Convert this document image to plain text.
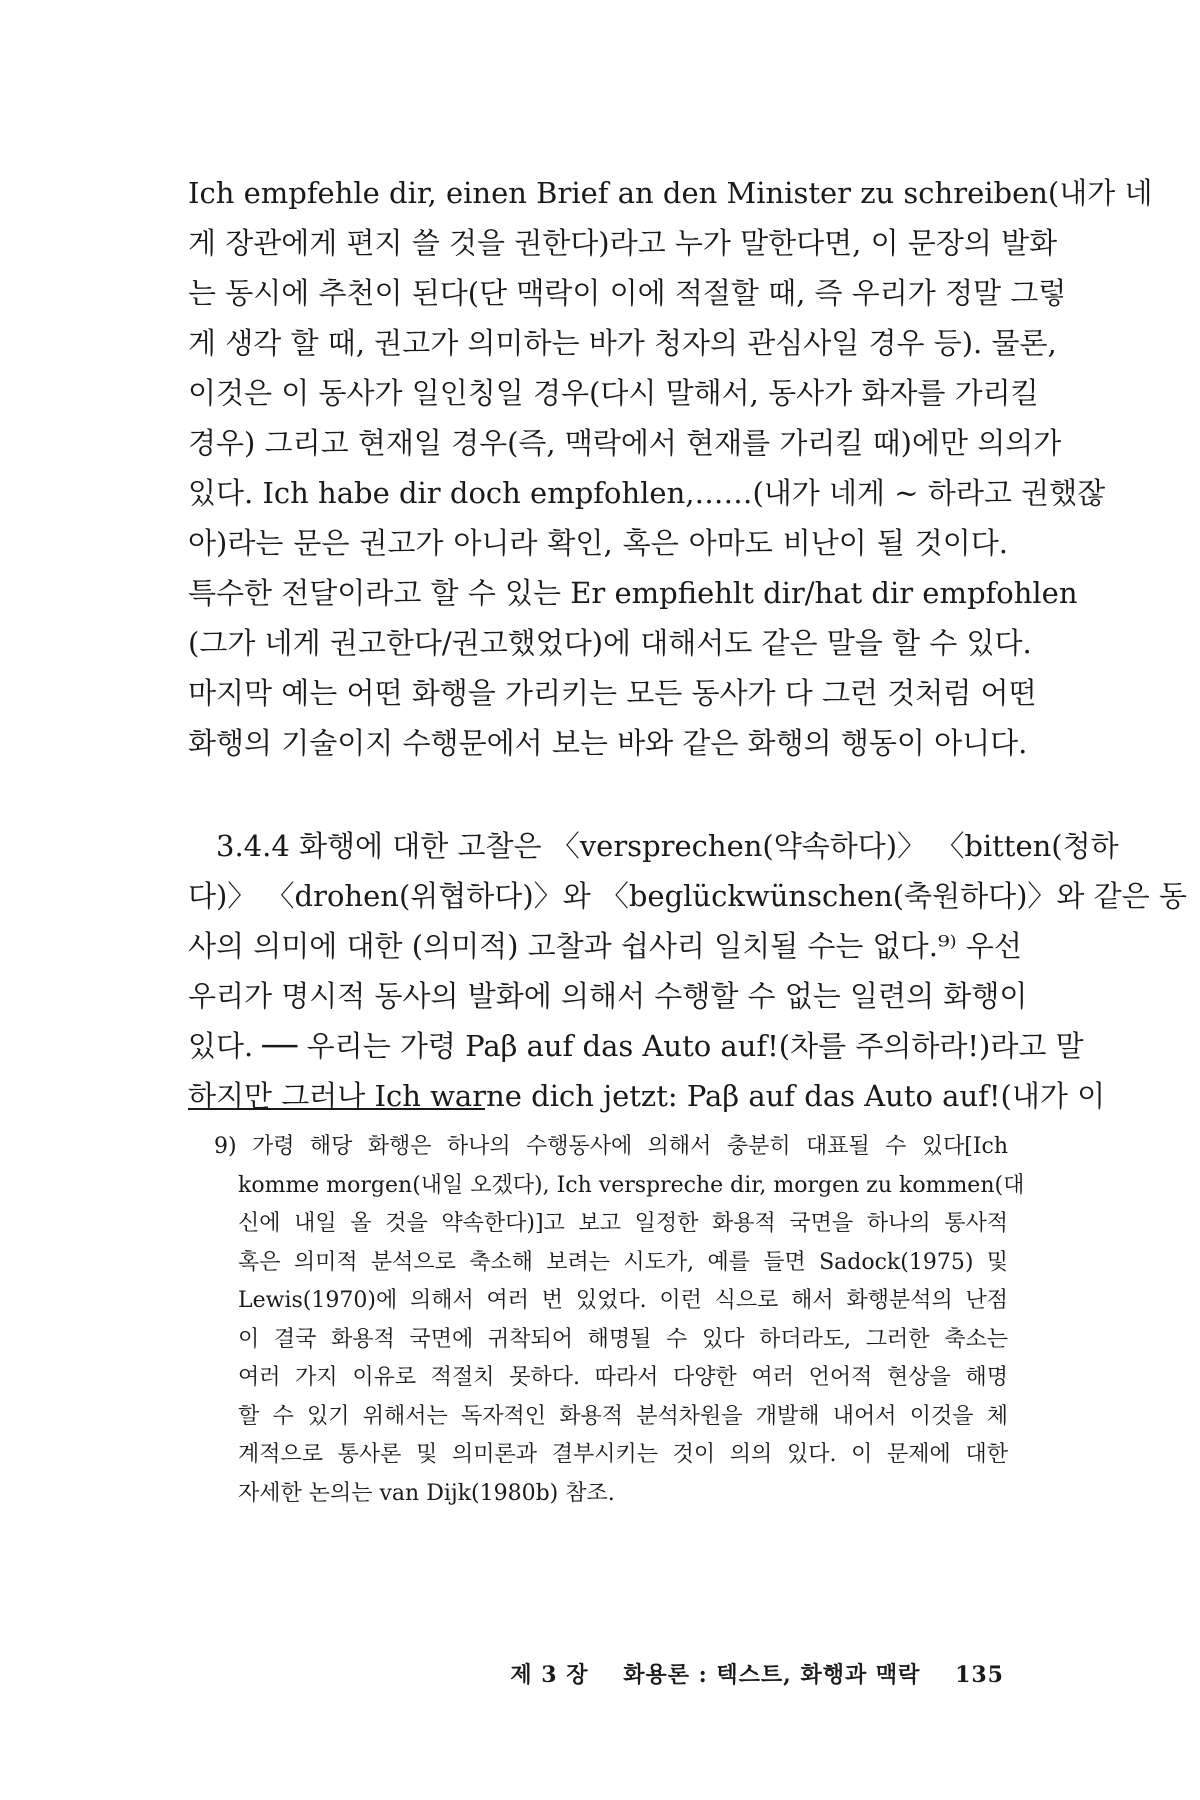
Ich empfehle dir, einen Brief an den Minister zu schreiben(내가 네
게 장관에게 편지 쓸 것을 권한다)라고 누가 말한다면, 이 문장의 발화
는 동시에 추천이 된다(단 맥락이 이에 적절할 때, 즉 우리가 정말 그렇
게 생각 할 때, 권고가 의미하는 바가 청자의 관심사일 경우 등). 물론,
이것은 이 동사가 일인칭일 경우(다시 말해서, 동사가 화자를 가리킬
경우) 그리고 현재일 경우(즉, 맥락에서 현재를 가리킬 때)에만 의의가
있다. Ich habe dir doch empfohlen,……(내가 네게 ~ 하라고 권했잖
아)라는 문은 권고가 아니라 확인, 혹은 아마도 비난이 될 것이다.
특수한 전달이라고 할 수 있는 Er empfiehlt dir/hat dir empfohlen
(그가 네게 권고한다/권고했었다)에 대해서도 같은 말을 할 수 있다.
마지막 예는 어떤 화행을 가리키는 모든 동사가 다 그런 것처럼 어떤
화행의 기술이지 수행문에서 보는 바와 같은 화행의 행동이 아니다.

3.4.4 화행에 대한 고찰은 〈versprechen(약속하다)〉 〈bitten(청하
다)〉 〈drohen(위협하다)〉와 〈beglückwünschen(축원하다)〉와 같은 동
사의 의미에 대한 (의미적) 고찰과 쉽사리 일치될 수는 없다.⁹⁾ 우선
우리가 명시적 동사의 발화에 의해서 수행할 수 없는 일련의 화행이
있다. ── 우리는 가령 Paβ auf das Auto auf!(차를 주의하라!)라고 말
하지만 그러나 Ich warne dich jetzt: Paβ auf das Auto auf!(내가 이

9) 가령 해당 화행은 하나의 수행동사에 의해서 충분히 대표될 수 있다[Ich
komme morgen(내일 오겠다), Ich verspreche dir, morgen zu kommen(대
신에 내일 올 것을 약속한다)]고 보고 일정한 화용적 국면을 하나의 통사적
혹은 의미적 분석으로 축소해 보려는 시도가, 예를 들면 Sadock(1975) 및
Lewis(1970)에 의해서 여러 번 있었다. 이런 식으로 해서 화행분석의 난점
이 결국 화용적 국면에 귀착되어 해명될 수 있다 하더라도, 그러한 축소는
여러 가지 이유로 적절치 못하다. 따라서 다양한 여러 언어적 현상을 해명
할 수 있기 위해서는 독자적인 화용적 분석차원을 개발해 내어서 이것을 체
계적으로 통사론 및 의미론과 결부시키는 것이 의의 있다. 이 문제에 대한
자세한 논의는 van Dijk(1980b) 참조.
제 3 장 화용론 : 텍스트, 화행과 맥락 135
